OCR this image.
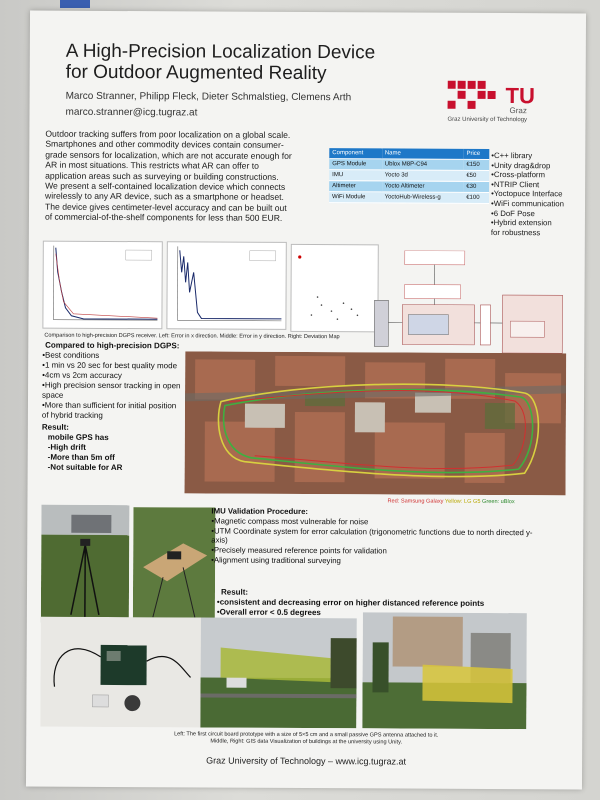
A High-Precision Localization Device
for Outdoor Augmented Reality
Marco Stranner, Philipp Fleck, Dieter Schmalstieg, Clemens Arth
marco.stranner@icg.tugraz.at
TU
Graz
Graz University of Technology
Outdoor tracking suffers from poor localization on a global scale.
Smartphones and other commodity devices contain consumer-
grade sensors for localization, which are not accurate enough for
AR in most situations. This restricts what AR can offer to
application areas such as surveying or building constructions.
We present a self-contained localization device which connects
wirelessly to any AR device, such as a smartphone or headset.
The device gives centimeter-level accuracy and can be built out
of commercial-of-the-shelf components for less than 500 EUR.
Component	Name	Price
GPS Module	Ublox M8P-C94	€150
IMU	Yocto 3d	€50
Altimeter	Yocto Altimeter	€30
WiFi Module	YoctoHub-Wireless-g	€100
•C++ library
•Unity drag&drop
•Cross-platform
•NTRIP Client
•Yoctopuce Interface
•WiFi communication
•6 DoF Pose
•Hybrid extension
for robustness
Comparison to high-precision DGPS receiver. Left: Error in x direction. Middle: Error in y direction. Right: Deviation Map
Compared to high-precision DGPS:
•Best conditions
•1 min vs 20 sec for best quality mode
•4cm vs 2cm accuracy
•High precision sensor tracking in open space
•More than sufficient for initial position of hybrid tracking
Result:
mobile GPS has
-High drift
-More than 5m off
-Not suitable for AR
Red: Samsung Galaxy Yellow: LG G5 Green: uBlox
IMU Validation Procedure:
•Magnetic compass most vulnerable for noise
•UTM Coordinate system for error calculation (trigonometric functions due to north directed y-axis)
•Precisely measured reference points for validation
•Alignment using traditional surveying
Result:
•consistent and decreasing error on higher distanced reference points
•Overall error < 0.5 degrees
Left: The first circuit board prototype with a size of 5×5 cm and a small passive GPS antenna attached to it.
Middle, Right: GIS data Visualization of buildings at the university using Unity.
Graz University of Technology – www.icg.tugraz.at
